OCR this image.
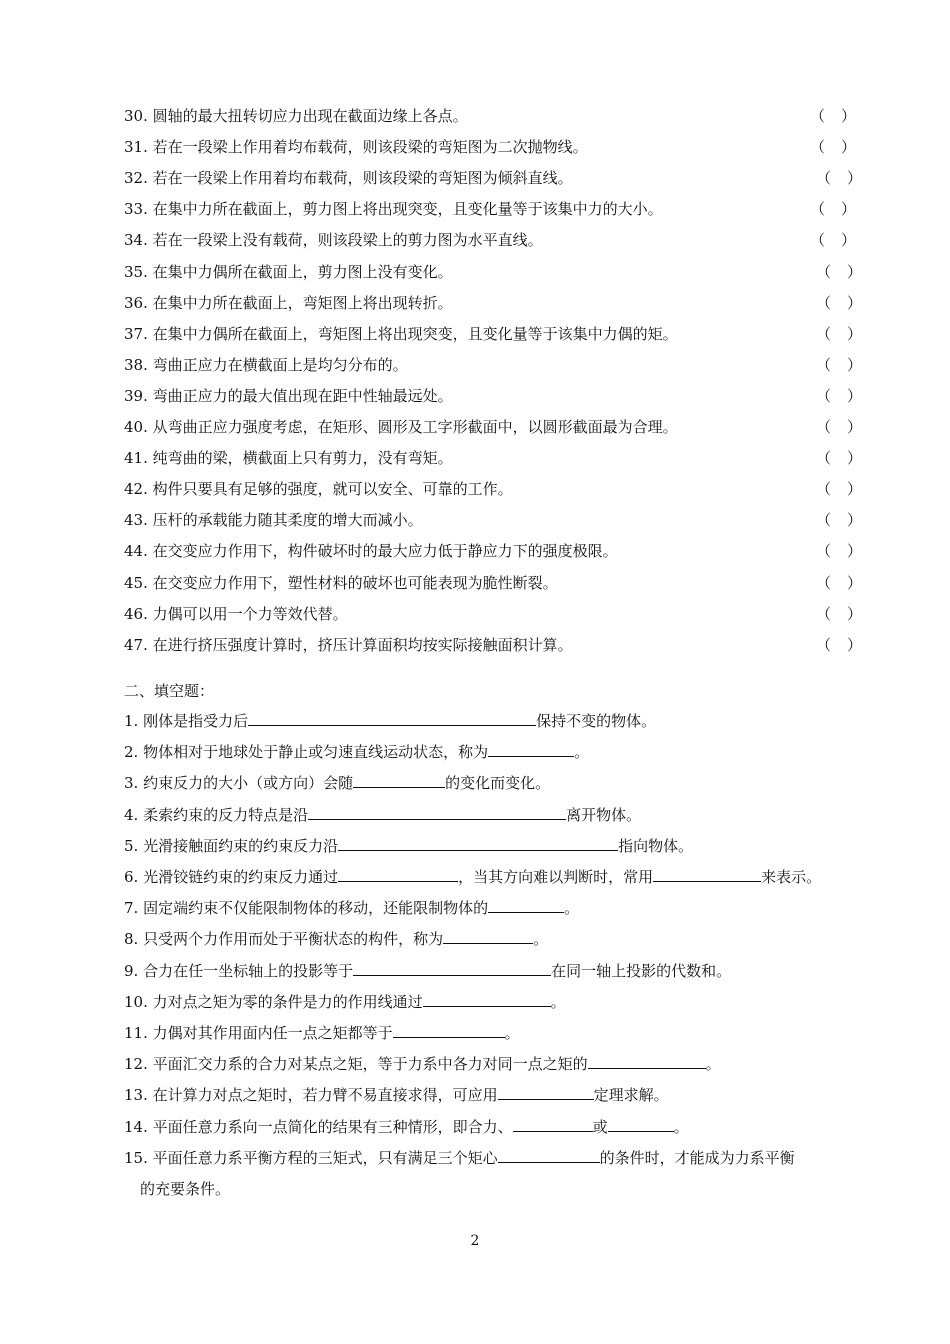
30. 圆轴的最大扭转切应力出现在截面边缘上各点。	（ ）
31. 若在一段梁上作用着均布载荷，则该段梁的弯矩图为二次抛物线。	（ ）
32. 若在一段梁上作用着均布载荷，则该段梁的弯矩图为倾斜直线。	（ ）
33. 在集中力所在截面上，剪力图上将出现突变，且变化量等于该集中力的大小。	（ ）
34. 若在一段梁上没有载荷，则该段梁上的剪力图为水平直线。	（ ）
35. 在集中力偶所在截面上，剪力图上没有变化。	（ ）
36. 在集中力所在截面上，弯矩图上将出现转折。	（ ）
37. 在集中力偶所在截面上，弯矩图上将出现突变，且变化量等于该集中力偶的矩。	（ ）
38. 弯曲正应力在横截面上是均匀分布的。	（ ）
39. 弯曲正应力的最大值出现在距中性轴最远处。	（ ）
40. 从弯曲正应力强度考虑，在矩形、圆形及工字形截面中，以圆形截面最为合理。	（ ）
41. 纯弯曲的梁，横截面上只有剪力，没有弯矩。	（ ）
42. 构件只要具有足够的强度，就可以安全、可靠的工作。	（ ）
43. 压杆的承载能力随其柔度的增大而减小。	（ ）
44. 在交变应力作用下，构件破坏时的最大应力低于静应力下的强度极限。	（ ）
45. 在交变应力作用下，塑性材料的破坏也可能表现为脆性断裂。	（ ）
46. 力偶可以用一个力等效代替。	（ ）
47. 在进行挤压强度计算时，挤压计算面积均按实际接触面积计算。	（ ）
二、填空题：
1. 刚体是指受力后	保持不变的物体。
2. 物体相对于地球处于静止或匀速直线运动状态，称为	。
3. 约束反力的大小（或方向）会随	的变化而变化。
4. 柔索约束的反力特点是沿	离开物体。
5. 光滑接触面约束的约束反力沿	指向物体。
6. 光滑铰链约束的约束反力通过	，当其方向难以判断时，常用	来表示。
7. 固定端约束不仅能限制物体的移动，还能限制物体的	。
8. 只受两个力作用而处于平衡状态的构件，称为	。
9. 合力在任一坐标轴上的投影等于	在同一轴上投影的代数和。
10. 力对点之矩为零的条件是力的作用线通过	。
11. 力偶对其作用面内任一点之矩都等于	。
12. 平面汇交力系的合力对某点之矩，等于力系中各力对同一点之矩的	。
13. 在计算力对点之矩时，若力臂不易直接求得，可应用	定理求解。
14. 平面任意力系向一点简化的结果有三种情形，即合力、	或	。
15. 平面任意力系平衡方程的三矩式，只有满足三个矩心	的条件时，才能成为力系平衡
的充要条件。
2
